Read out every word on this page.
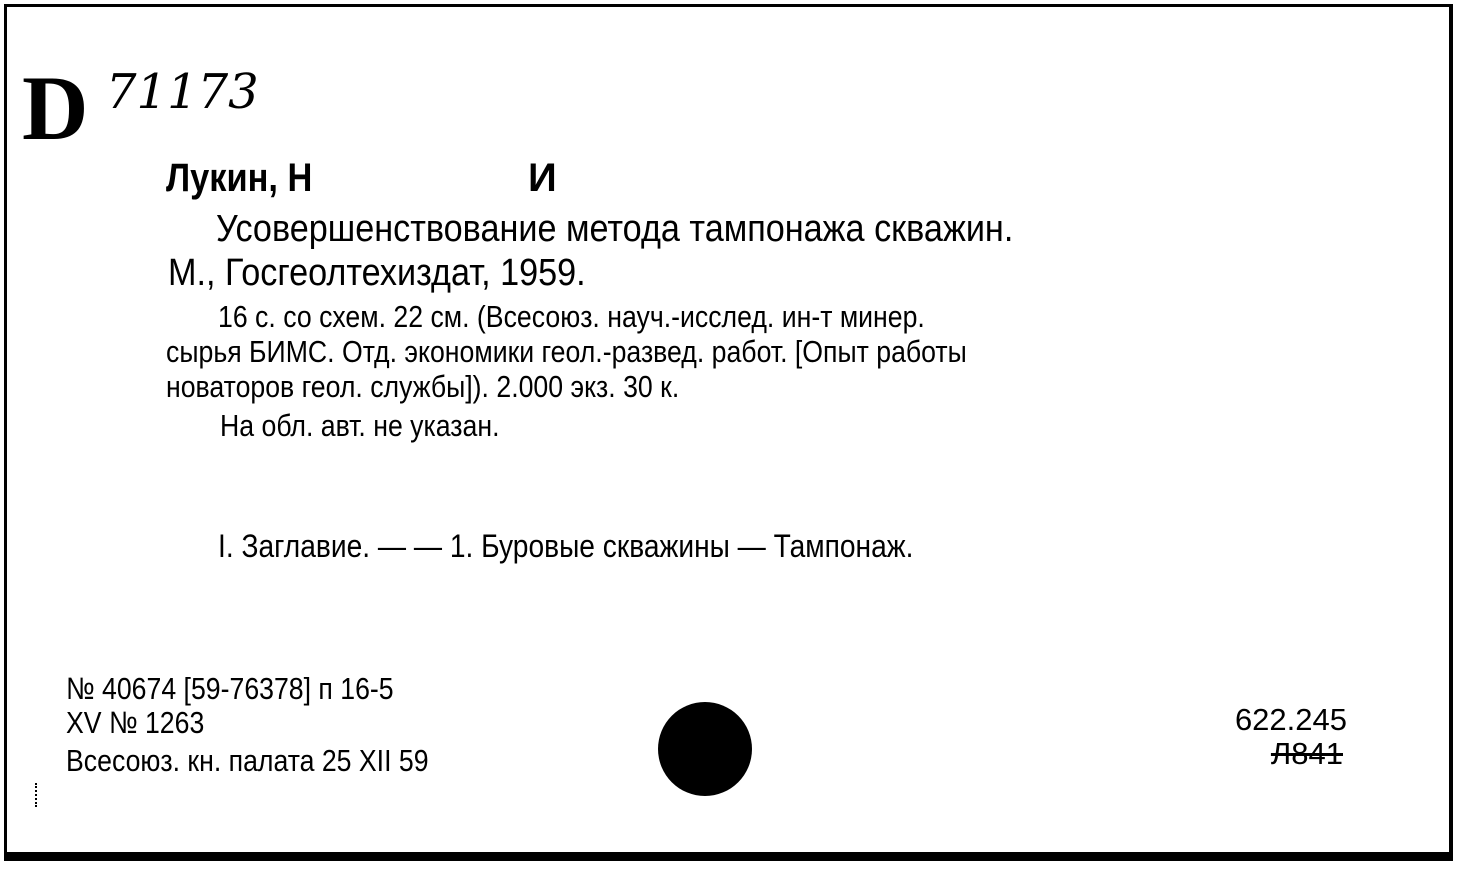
D 71173
Лукин, Н	И
Усовершенствование метода тампонажа скважин.
М., Госгеолтехиздат, 1959.
16 с. со схем. 22 см. (Всесоюз. науч.-исслед. ин-т минер.
сырья БИМС. Отд. экономики геол.-развед. работ. [Опыт работы
новаторов геол. службы]). 2.000 экз. 30 к.
На обл. авт. не указан.
I. Заглавие. — — 1. Буровые скважины — Тампонаж.
№ 40674 [59-76378] п 16-5
XV № 1263
Всесоюз. кн. палата 25 XII 59
622.245
Л841
